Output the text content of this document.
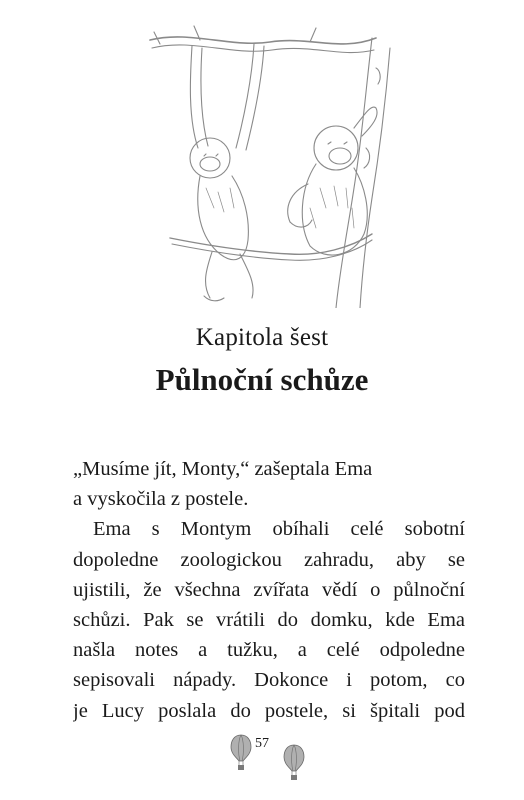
Kapitola šest
Půlnoční schůze
„Musíme jít, Monty,“ zašeptala Ema
a vyskočila z postele.
Ema s Montym obíhali celé sobotní
dopoledne zoologickou zahradu, aby se
ujistili, že všechna zvířata vědí o půlnoční
schůzi. Pak se vrátili do domku, kde Ema
našla notes a tužku, a celé odpoledne
sepisovali nápady. Dokonce i potom, co
je Lucy poslala do postele, si špitali pod
57
